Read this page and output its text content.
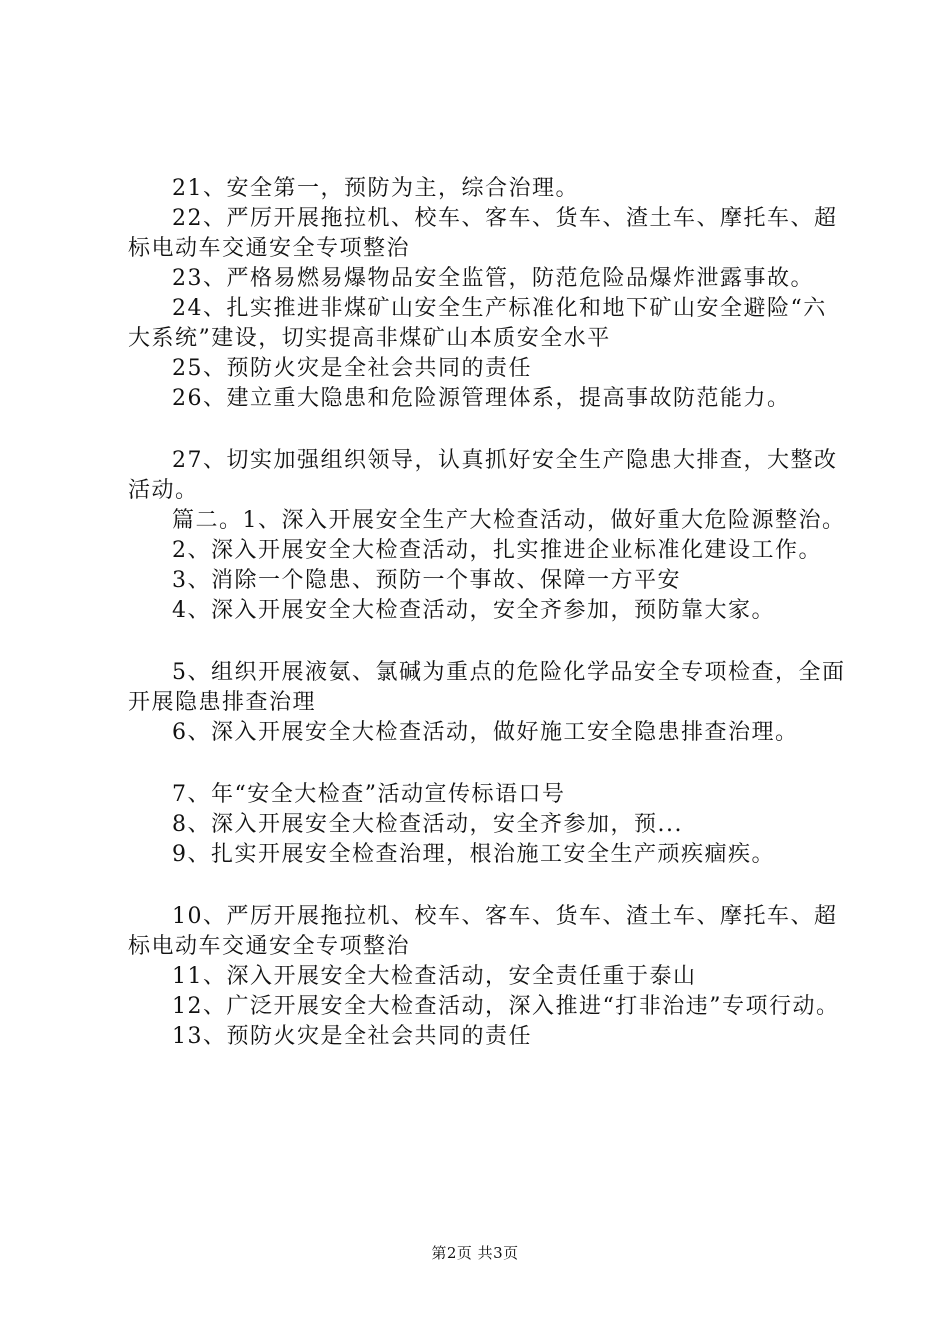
21、安全第一，预防为主，综合治理。

22、严厉开展拖拉机、校车、客车、货车、渣土车、摩托车、超标电动车交通安全专项整治

23、严格易燃易爆物品安全监管，防范危险品爆炸泄露事故。

24、扎实推进非煤矿山安全生产标准化和地下矿山安全避险“六大系统”建设，切实提高非煤矿山本质安全水平

25、预防火灾是全社会共同的责任

26、建立重大隐患和危险源管理体系，提高事故防范能力。

27、切实加强组织领导，认真抓好安全生产隐患大排查，大整改活动。

篇二。1、深入开展安全生产大检查活动，做好重大危险源整治。

2、深入开展安全大检查活动，扎实推进企业标准化建设工作。

3、消除一个隐患、预防一个事故、保障一方平安

4、深入开展安全大检查活动，安全齐参加，预防靠大家。

5、组织开展液氨、氯碱为重点的危险化学品安全专项检查，全面开展隐患排查治理

6、深入开展安全大检查活动，做好施工安全隐患排查治理。

7、年“安全大检查”活动宣传标语口号

8、深入开展安全大检查活动，安全齐参加，预...

9、扎实开展安全检查治理，根治施工安全生产顽疾痼疾。

10、严厉开展拖拉机、校车、客车、货车、渣土车、摩托车、超标电动车交通安全专项整治

11、深入开展安全大检查活动，安全责任重于泰山

12、广泛开展安全大检查活动，深入推进“打非治违”专项行动。

13、预防火灾是全社会共同的责任

第2页 共3页
